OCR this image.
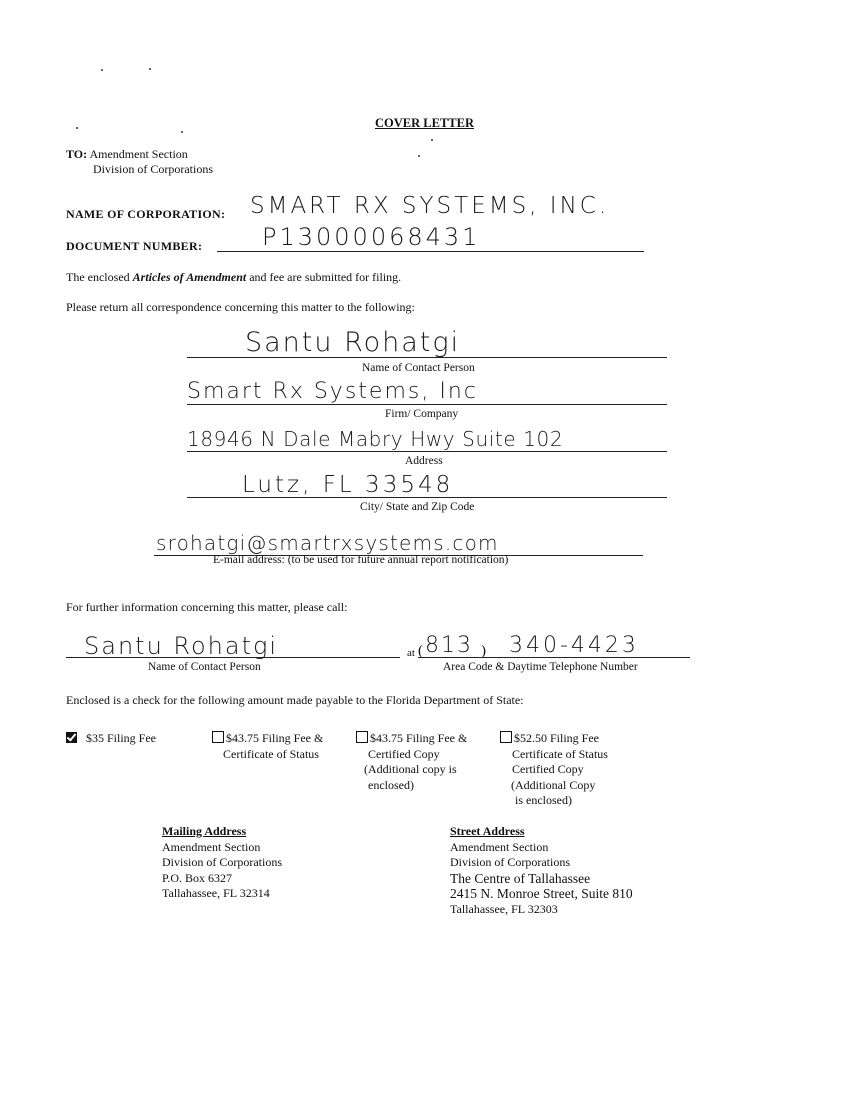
COVER LETTER
TO: Amendment Section
Division of Corporations
NAME OF CORPORATION: SMART RX SYSTEMS, INC.
DOCUMENT NUMBER: P13000068431
The enclosed Articles of Amendment and fee are submitted for filing.
Please return all correspondence concerning this matter to the following:
Santu Rohatgi
Name of Contact Person
Smart Rx Systems, Inc
Firm/ Company
18946 N Dale Mabry Hwy Suite 102
Address
Lutz, FL 33548
City/ State and Zip Code
srohatgi@smartrxsystems.com
E-mail address: (to be used for future annual report notification)
For further information concerning this matter, please call:
Santu Rohatgi
Name of Contact Person
at (	)
813 340-4423
Area Code & Daytime Telephone Number
Enclosed is a check for the following amount made payable to the Florida Department of State:
$35 Filing Fee	$43.75 Filing Fee &
Certificate of Status
$43.75 Filing Fee &
Certified Copy
(Additional copy is
enclosed)
$52.50 Filing Fee
Certificate of Status
Certified Copy
(Additional Copy
is enclosed)
Mailing Address
Amendment Section
Division of Corporations
P.O. Box 6327
Tallahassee, FL 32314
Street Address
Amendment Section
Division of Corporations
The Centre of Tallahassee
2415 N. Monroe Street, Suite 810
Tallahassee, FL 32303
